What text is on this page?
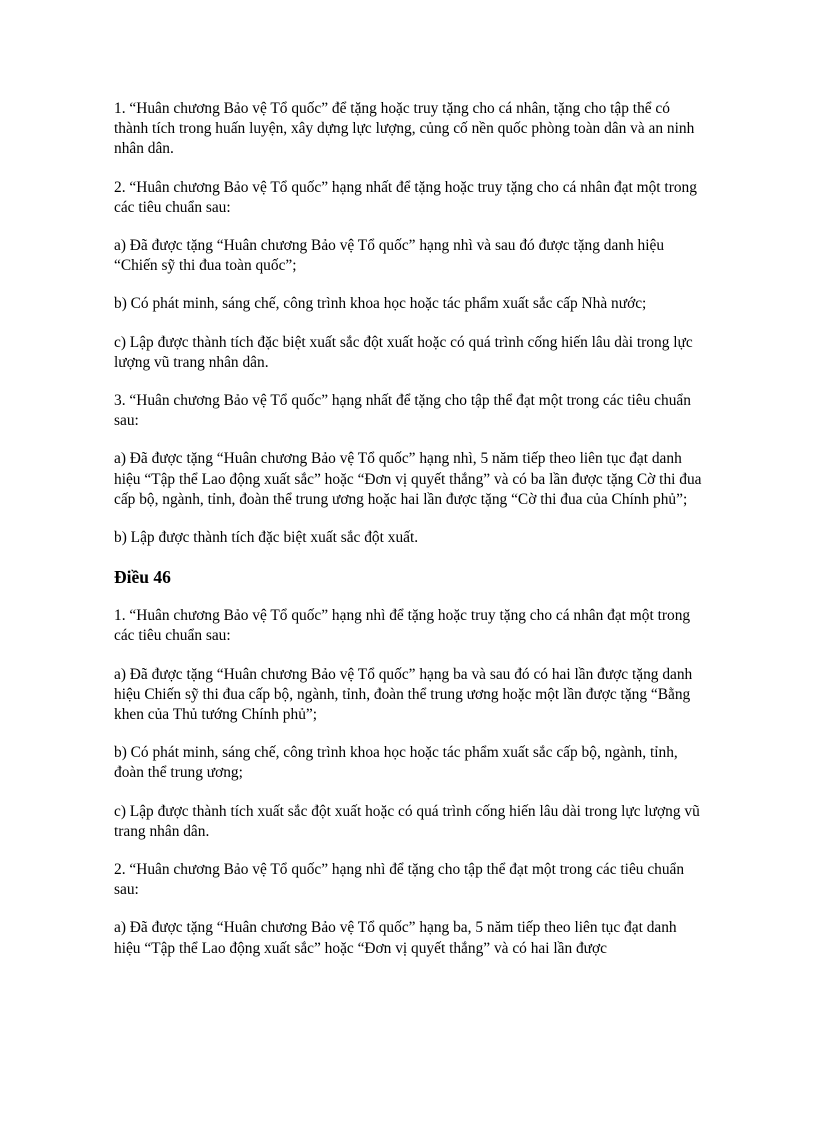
1. “Huân chương Bảo vệ Tổ quốc” để tặng hoặc truy tặng cho cá nhân, tặng cho tập thể có thành tích trong huấn luyện, xây dựng lực lượng, củng cố nền quốc phòng toàn dân và an ninh nhân dân.

2. “Huân chương Bảo vệ Tổ quốc” hạng nhất để tặng hoặc truy tặng cho cá nhân đạt một trong các tiêu chuẩn sau:

a) Đã được tặng “Huân chương Bảo vệ Tổ quốc” hạng nhì và sau đó được tặng danh hiệu “Chiến sỹ thi đua toàn quốc”;

b) Có phát minh, sáng chế, công trình khoa học hoặc tác phẩm xuất sắc cấp Nhà nước;

c) Lập được thành tích đặc biệt xuất sắc đột xuất hoặc có quá trình cống hiến lâu dài trong lực lượng vũ trang nhân dân.

3. “Huân chương Bảo vệ Tổ quốc” hạng nhất để tặng cho tập thể đạt một trong các tiêu chuẩn sau:

a) Đã được tặng “Huân chương Bảo vệ Tổ quốc” hạng nhì, 5 năm tiếp theo liên tục đạt danh hiệu “Tập thể Lao động xuất sắc” hoặc “Đơn vị quyết thắng” và có ba lần được tặng Cờ thi đua cấp bộ, ngành, tỉnh, đoàn thể trung ương hoặc hai lần được tặng “Cờ thi đua của Chính phủ”;

b) Lập được thành tích đặc biệt xuất sắc đột xuất.

Điều 46

1. “Huân chương Bảo vệ Tổ quốc” hạng nhì để tặng hoặc truy tặng cho cá nhân đạt một trong các tiêu chuẩn sau:

a) Đã được tặng “Huân chương Bảo vệ Tổ quốc” hạng ba và sau đó có hai lần được tặng danh hiệu Chiến sỹ thi đua cấp bộ, ngành, tỉnh, đoàn thể trung ương hoặc một lần được tặng “Bằng khen của Thủ tướng Chính phủ”;

b) Có phát minh, sáng chế, công trình khoa học hoặc tác phẩm xuất sắc cấp bộ, ngành, tỉnh, đoàn thể trung ương;

c) Lập được thành tích xuất sắc đột xuất hoặc có quá trình cống hiến lâu dài trong lực lượng vũ trang nhân dân.

2. “Huân chương Bảo vệ Tổ quốc” hạng nhì để tặng cho tập thể đạt một trong các tiêu chuẩn sau:

a) Đã được tặng “Huân chương Bảo vệ Tổ quốc” hạng ba, 5 năm tiếp theo liên tục đạt danh hiệu “Tập thể Lao động xuất sắc” hoặc “Đơn vị quyết thắng” và có hai lần được
